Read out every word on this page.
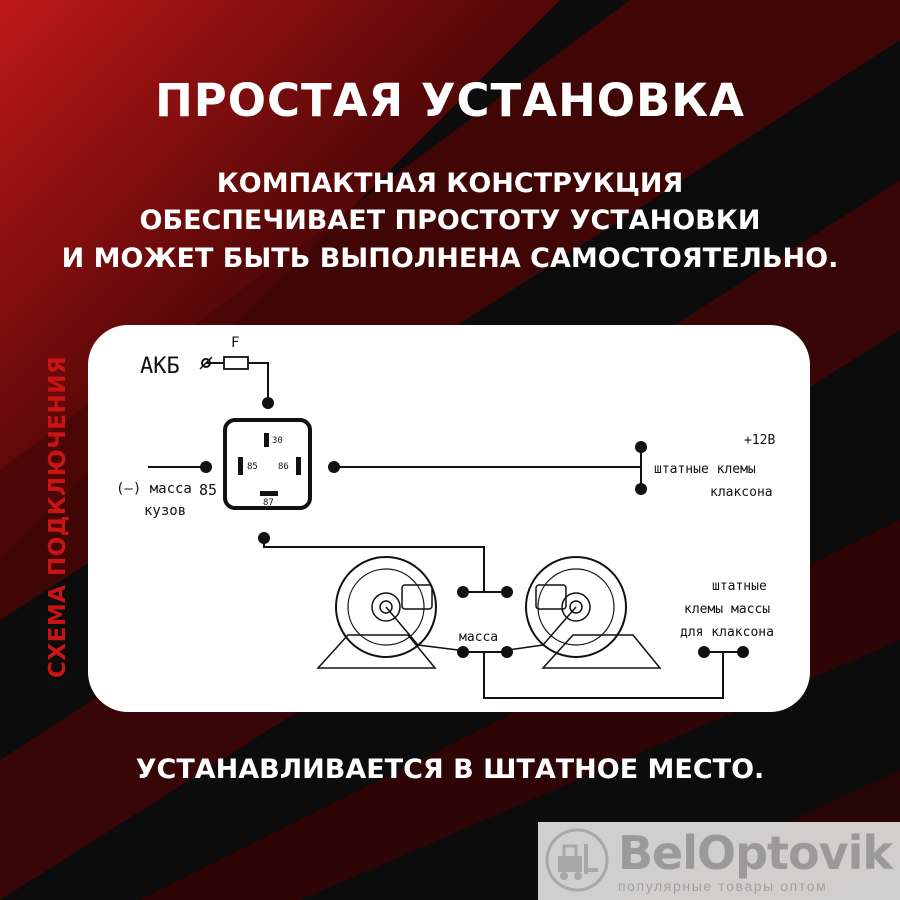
ПРОСТАЯ УСТАНОВКА
КОМПАКТНАЯ КОНСТРУКЦИЯ
ОБЕСПЕЧИВАЕТ ПРОСТОТУ УСТАНОВКИ
И МОЖЕТ БЫТЬ ВЫПОЛНЕНА САМОСТОЯТЕЛЬНО.
СХЕМА ПОДКЛЮЧЕНИЯ	АКБ
F
30
85 86
87
(—) масса 85
кузов
+12В
штатные клемы
клаксона
масса
штатные
клемы массы
для клаксона
УСТАНАВЛИВАЕТСЯ В ШТАТНОЕ МЕСТО.
BelOptovik
популярные товары оптом
